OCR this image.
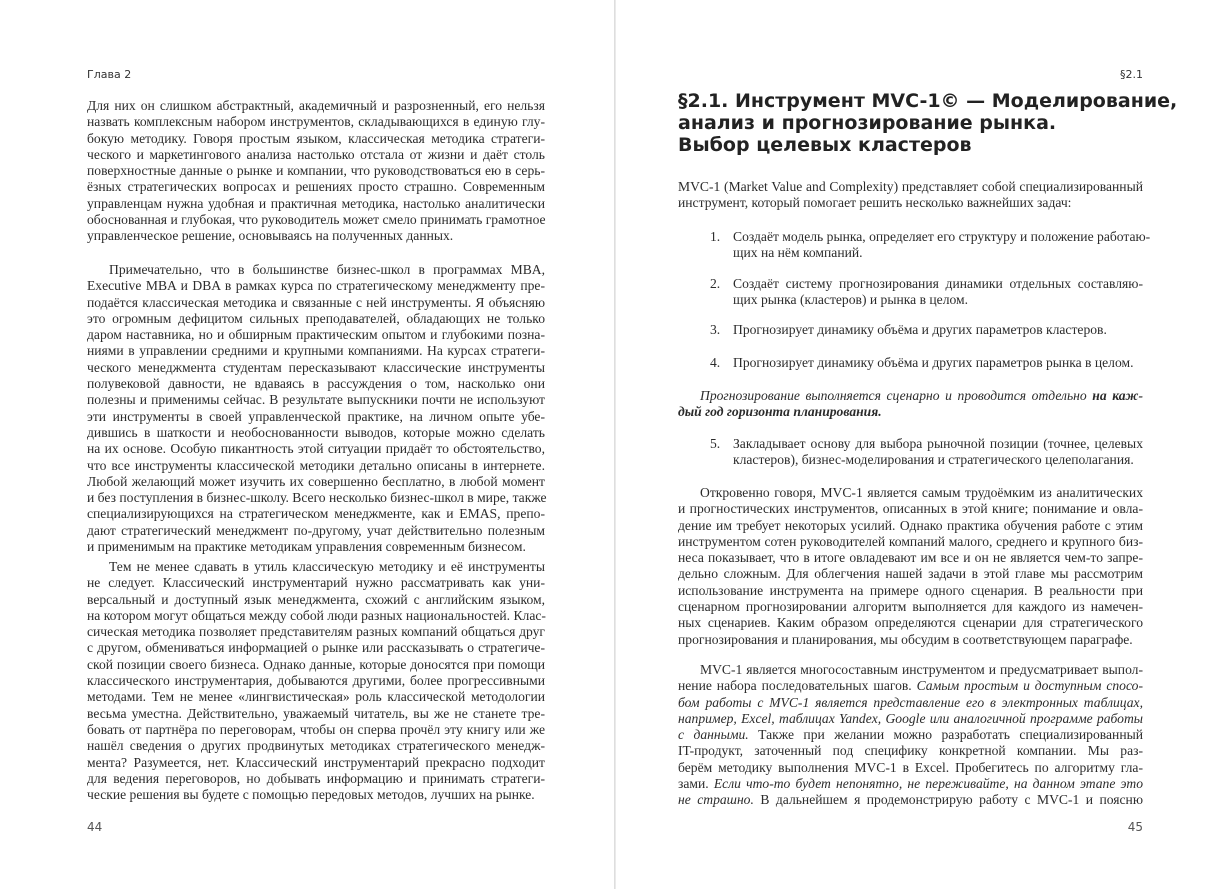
Глава 2
Для них он слишком абстрактный, академичный и разрозненный, его нельзя
назвать комплексным набором инструментов, складывающихся в единую глу-
бокую методику. Говоря простым языком, классическая методика стратеги-
ческого и маркетингового анализа настолько отстала от жизни и даёт столь
поверхностные данные о рынке и компании, что руководствоваться ею в серь-
ёзных стратегических вопросах и решениях просто страшно. Современным
управленцам нужна удобная и практичная методика, настолько аналитически
обоснованная и глубокая, что руководитель может смело принимать грамотное
управленческое решение, основываясь на полученных данных.
Примечательно, что в большинстве бизнес-школ в программах MBA,
Executive MBA и DBA в рамках курса по стратегическому менеджменту пре-
подаётся классическая методика и связанные с ней инструменты. Я объясняю
это огромным дефицитом сильных преподавателей, обладающих не только
даром наставника, но и обширным практическим опытом и глубокими позна-
ниями в управлении средними и крупными компаниями. На курсах стратеги-
ческого менеджмента студентам пересказывают классические инструменты
полувековой давности, не вдаваясь в рассуждения о том, насколько они
полезны и применимы сейчас. В результате выпускники почти не используют
эти инструменты в своей управленческой практике, на личном опыте убе-
дившись в шаткости и необоснованности выводов, которые можно сделать
на их основе. Особую пикантность этой ситуации придаёт то обстоятельство,
что все инструменты классической методики детально описаны в интернете.
Любой желающий может изучить их совершенно бесплатно, в любой момент
и без поступления в бизнес-школу. Всего несколько бизнес-школ в мире, также
специализирующихся на стратегическом менеджменте, как и EMAS, препо-
дают стратегический менеджмент по-другому, учат действительно полезным
и применимым на практике методикам управления современным бизнесом.
Тем не менее сдавать в утиль классическую методику и её инструменты
не следует. Классический инструментарий нужно рассматривать как уни-
версальный и доступный язык менеджмента, схожий с английским языком,
на котором могут общаться между собой люди разных национальностей. Клас-
сическая методика позволяет представителям разных компаний общаться друг
с другом, обмениваться информацией о рынке или рассказывать о стратегиче-
ской позиции своего бизнеса. Однако данные, которые доносятся при помощи
классического инструментария, добываются другими, более прогрессивными
методами. Тем не менее «лингвистическая» роль классической методологии
весьма уместна. Действительно, уважаемый читатель, вы же не станете тре-
бовать от партнёра по переговорам, чтобы он сперва прочёл эту книгу или же
нашёл сведения о других продвинутых методиках стратегического менедж-
мента? Разумеется, нет. Классический инструментарий прекрасно подходит
для ведения переговоров, но добывать информацию и принимать стратеги-
ческие решения вы будете с помощью передовых методов, лучших на рынке.
44
§2.1
§2.1. Инструмент MVC-1© — Моделирование,
анализ и прогнозирование рынка.
Выбор целевых кластеров
MVC-1 (Market Value and Complexity) представляет собой специализированный
инструмент, который помогает решить несколько важнейших задач:
1. Создаёт модель рынка, определяет его структуру и положение работаю-
щих на нём компаний.
2. Создаёт систему прогнозирования динамики отдельных составляю-
щих рынка (кластеров) и рынка в целом.
3. Прогнозирует динамику объёма и других параметров кластеров.
4. Прогнозирует динамику объёма и других параметров рынка в целом.
Прогнозирование выполняется сценарно и проводится отдельно на каж-
дый год горизонта планирования.
5. Закладывает основу для выбора рыночной позиции (точнее, целевых
кластеров), бизнес-моделирования и стратегического целеполагания.
Откровенно говоря, MVC-1 является самым трудоёмким из аналитических
и прогностических инструментов, описанных в этой книге; понимание и овла-
дение им требует некоторых усилий. Однако практика обучения работе с этим
инструментом сотен руководителей компаний малого, среднего и крупного биз-
неса показывает, что в итоге овладевают им все и он не является чем-то запре-
дельно сложным. Для облегчения нашей задачи в этой главе мы рассмотрим
использование инструмента на примере одного сценария. В реальности при
сценарном прогнозировании алгоритм выполняется для каждого из намечен-
ных сценариев. Каким образом определяются сценарии для стратегического
прогнозирования и планирования, мы обсудим в соответствующем параграфе.
MVC-1 является многосоставным инструментом и предусматривает выпол-
нение набора последовательных шагов. Самым простым и доступным спосо-
бом работы с MVC-1 является представление его в электронных таблицах,
например, Excel, таблицах Yandex, Google или аналогичной программе работы
с данными. Также при желании можно разработать специализированный
IT-продукт, заточенный под специфику конкретной компании. Мы раз-
берём методику выполнения MVC-1 в Excel. Пробегитесь по алгоритму гла-
зами. Если что-то будет непонятно, не переживайте, на данном этапе это
не страшно. В дальнейшем я продемонстрирую работу с MVC-1 и поясню
45
